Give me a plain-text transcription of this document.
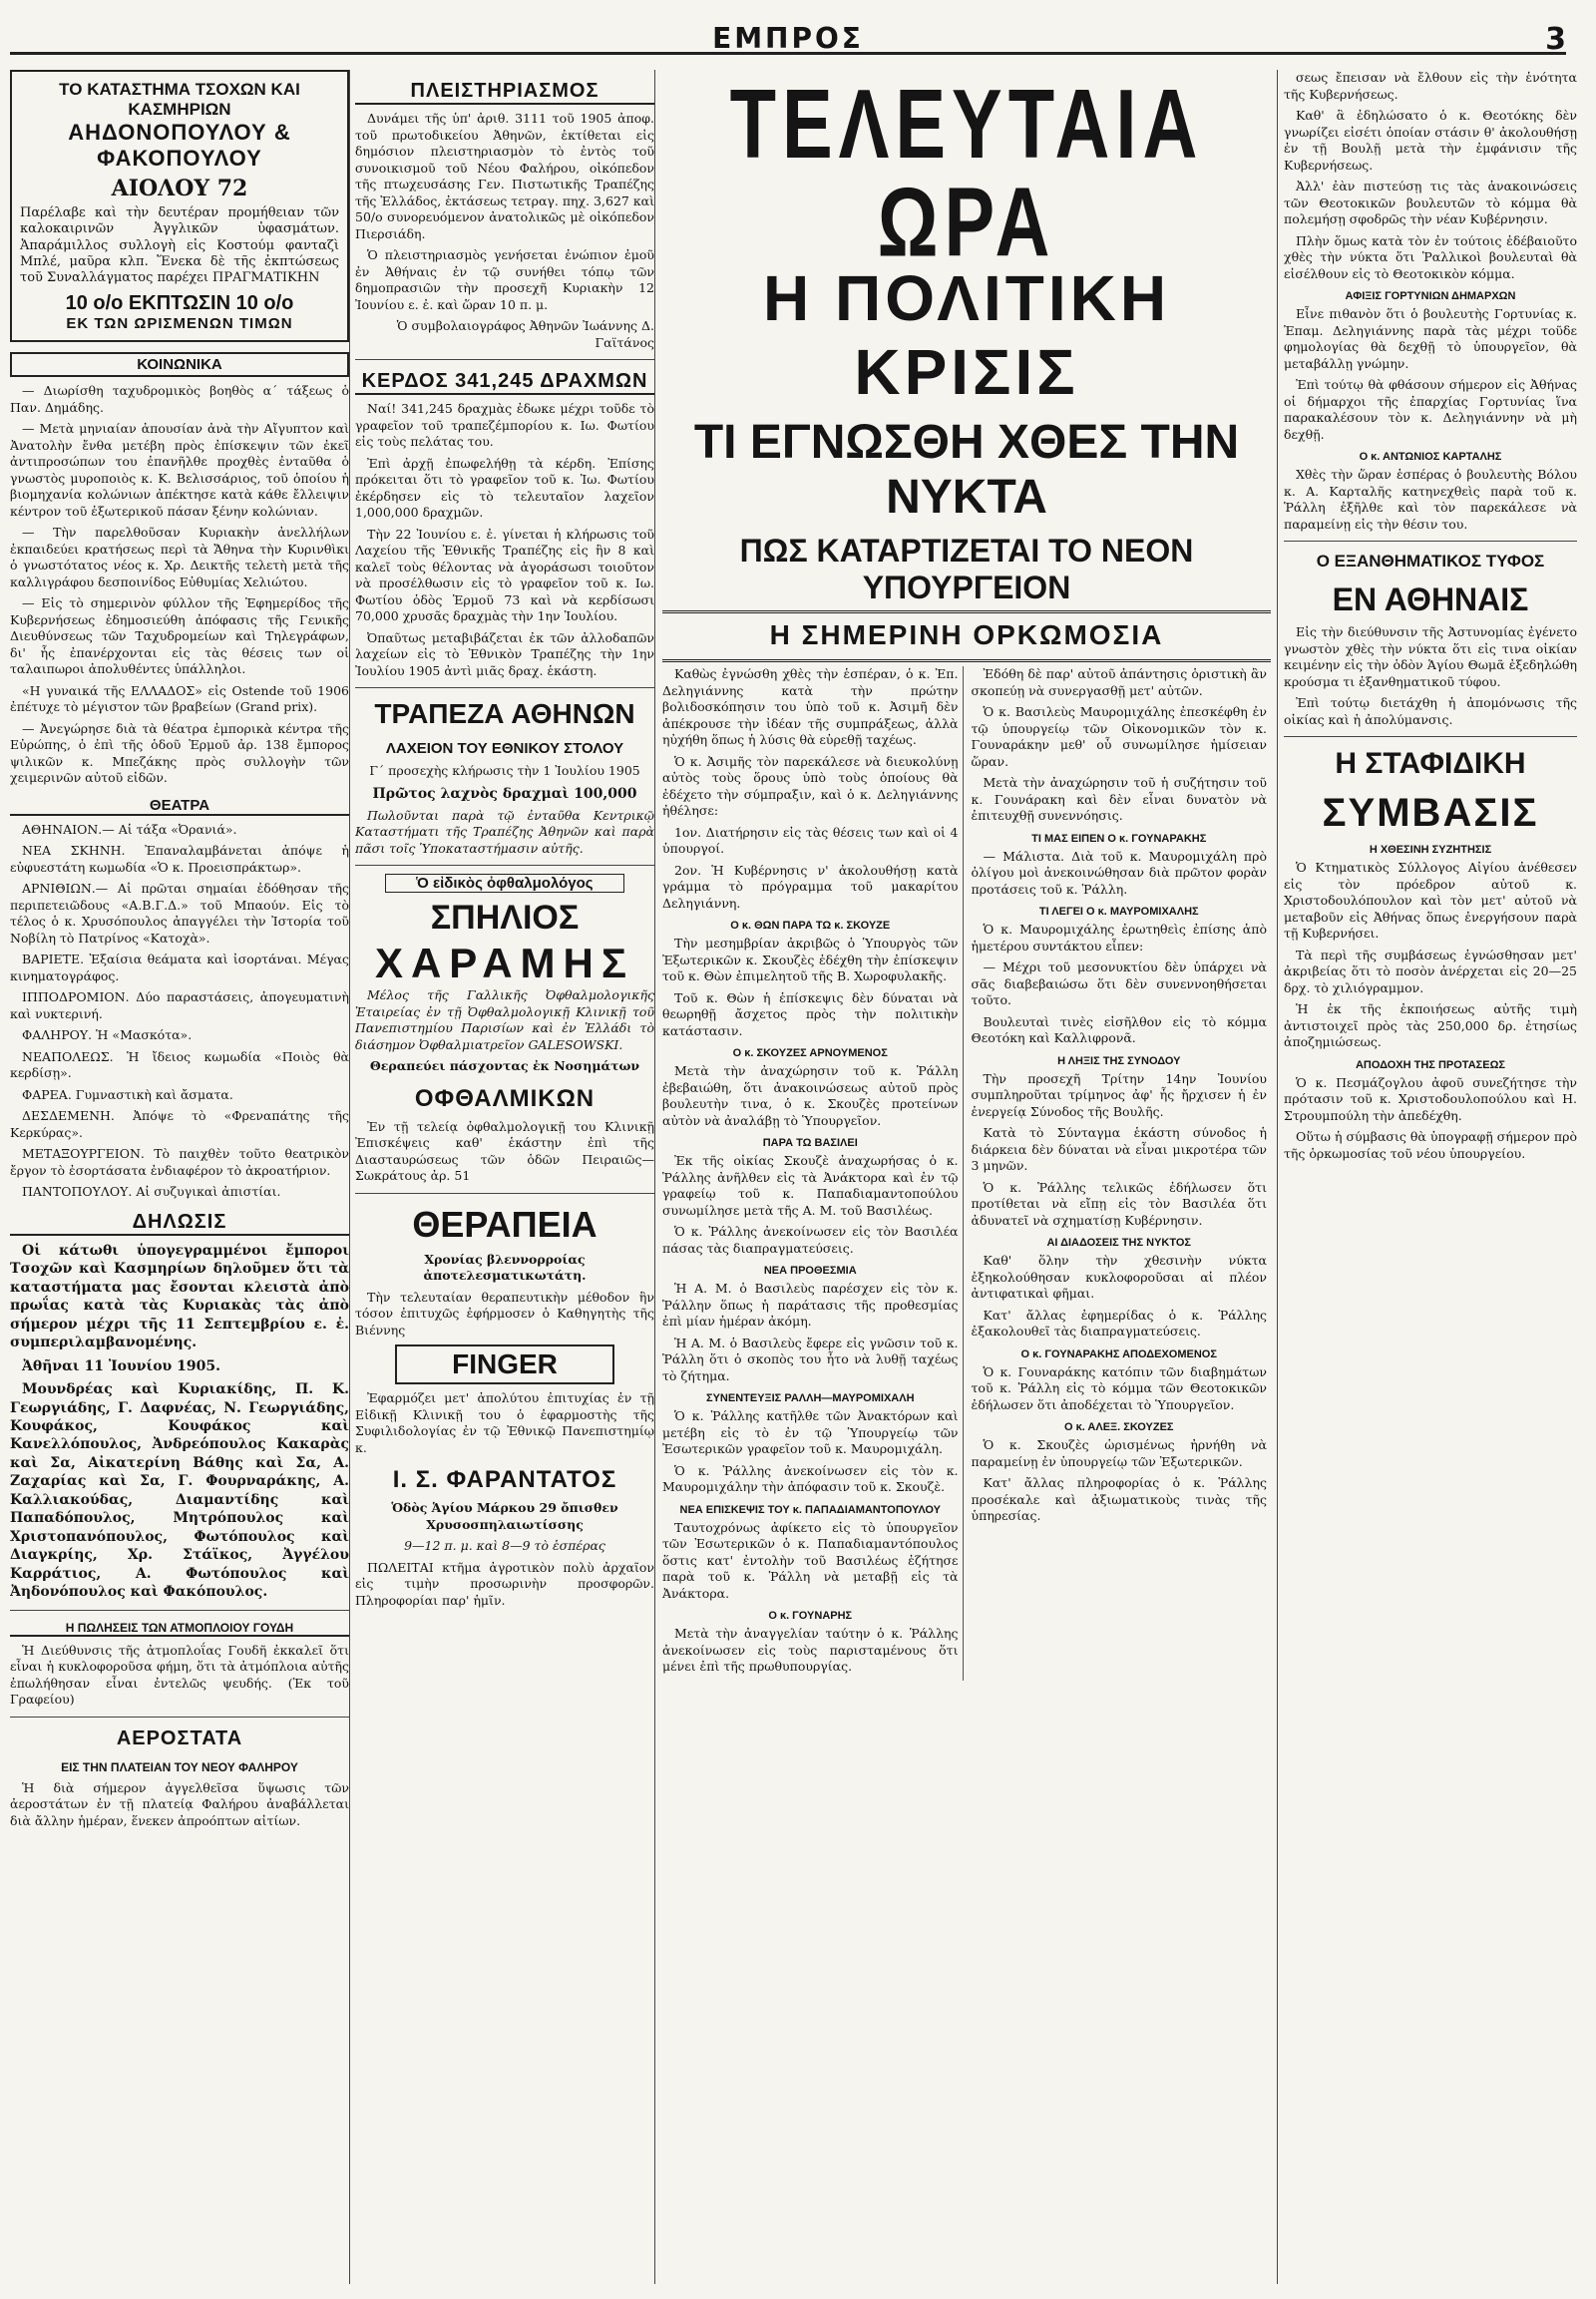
ΕΜΠΡΟΣ	3
ΤΟ ΚΑΤΑΣΤΗΜΑ ΤΣΟΧΩΝ ΚΑΙ ΚΑΣΜΗΡΙΩΝ
ΑΗΔΟΝΟΠΟΥΛΟΥ & ΦΑΚΟΠΟΥΛΟΥ
ΑΙΟΛΟΥ 72
Παρέλαβε καὶ τὴν δευτέραν προμήθειαν τῶν καλοκαιρινῶν Ἀγγλικῶν ὑφασμάτων. Ἀπαράμιλλος συλλογὴ εἰς Κοστούμ φανταζὶ Μπλέ, μαῦρα κλπ. Ἕνεκα δὲ τῆς ἐκπτώσεως τοῦ Συναλλάγματος παρέχει ΠΡΑΓΜΑΤΙΚΗΝ
10 ο/ο ΕΚΠΤΩΣΙΝ 10 ο/ο
ΕΚ ΤΩΝ ΩΡΙΣΜΕΝΩΝ ΤΙΜΩΝ
ΚΟΙΝΩΝΙΚΑ

— Διωρίσθη ταχυδρομικὸς βοηθὸς α΄ τάξεως ὁ Παν. Δημάδης.

— Μετὰ μηνιαίαν ἀπουσίαν ἀνὰ τὴν Αἴγυπτον καὶ Ἀνατολὴν ἔνθα μετέβη πρὸς ἐπίσκεψιν τῶν ἐκεῖ ἀντιπροσώπων του ἐπανῆλθε προχθὲς ἐνταῦθα ὁ γνωστὸς μυροποιὸς κ. Κ. Βελισσάριος, τοῦ ὁποίου ἡ βιομηχανία κολώνιων ἀπέκτησε κατὰ κάθε ἔλλειψιν κέντρον τοῦ ἐξωτερικοῦ πάσαν ξένην κολώνιαν.

— Τὴν παρελθοῦσαν Κυριακὴν ἀνελλήλων ἐκπαιδεύει κρατήσεως περὶ τὰ Ἄθηνα τὴν Κυρινθὶκι ὁ γνωστότατος νέος κ. Χρ. Δεικτῆς τελετὴ μετὰ τῆς καλλιγράφου δεσποινίδος Εὐθυμίας Χελιώτου.

— Εἰς τὸ σημερινὸν φύλλον τῆς Ἐφημερίδος τῆς Κυβερνήσεως ἐδημοσιεύθη ἀπόφασις τῆς Γενικῆς Διευθύνσεως τῶν Ταχυδρομείων καὶ Τηλεγράφων, δι' ἧς ἐπανέρχονται εἰς τὰς θέσεις των οἱ ταλαιπωροι ἀπολυθέντες ὑπάλληλοι.

«Η γυναικά τῆς ΕΛΛΑΔΟΣ» εἰς Ostende τοῦ 1906 ἐπέτυχε τὸ μέγιστον τῶν βραβείων (Grand prix).

— Ἀνεγώρησε διὰ τὰ θέατρα ἐμπορικὰ κέντρα τῆς Εὐρώπης, ὁ ἐπὶ τῆς ὁδοῦ Ἑρμοῦ ἀρ. 138 ἔμπορος ψιλικῶν κ. Μπεζάκης πρὸς συλλογὴν τῶν χειμερινῶν αὐτοῦ εἰδῶν.

ΘΕΑΤΡΑ

ΑΘΗΝΑΙΟΝ.— Αἱ τάξα «Ὀρανιά».

ΝΕΑ ΣΚΗΝΗ. Ἐπαναλαμβάνεται ἀπόψε ἡ εὐφυεστάτη κωμωδία «Ὁ κ. Προεισπράκτωρ».

ΑΡΝΙΘΙΩΝ.— Αἱ πρῶται σημαίαι ἐδόθησαν τῆς περιπετειῶδους «Α.Β.Γ.Δ.» τοῦ Μπαούν. Εἰς τὸ τέλος ὁ κ. Χρυσόπουλος ἀπαγγέλει τὴν Ἰστορία τοῦ Νοβίλη τὸ Πατρίνος «Κατοχὰ».

ΒΑΡΙΕΤΕ. Ἐξαίσια θεάματα καὶ ἰσορτάναι. Μέγας κινηματογράφος.

ΙΠΠΟΔΡΟΜΙΟΝ. Δύο παραστάσεις, ἀπογευματινὴ καὶ νυκτερινή.

ΦΑΛΗΡΟΥ. Ἡ «Μασκότα».

ΝΕΑΠΟΛΕΩΣ. Ἡ ἴδειος κωμωδία «Ποιὸς θὰ κερδίσῃ».

ΦΑΡΕΑ. Γυμναστικὴ καὶ ἄσματα.

ΔΕΣΔΕΜΕΝΗ. Ἀπόψε τὸ «Φρεναπάτης τῆς Κερκύρας».

ΜΕΤΑΞΟΥΡΓΕΙΟΝ. Τὸ παιχθὲν τοῦτο θεατρικὸν ἔργον τὸ ἐσορτάσατα ἐνδιαφέρον τὸ ἀκροατήριον.

ΠΑΝΤΟΠΟΥΛΟΥ. Αἱ συζυγικαὶ ἀπιστίαι.

ΔΗΛΩΣΙΣ

Οἱ κάτωθι ὑπογεγραμμένοι ἔμποροι Τσοχῶν καὶ Κασμηρίων δηλοῦμεν ὅτι τὰ καταστήματα μας ἔσονται κλειστὰ ἀπὸ πρωΐας κατὰ τὰς Κυριακὰς τὰς ἀπὸ σήμερον μέχρι τῆς 11 Σεπτεμβρίου ε. ἐ. συμπεριλαμβανομένης.

Ἀθῆναι 11 Ἰουνίου 1905.

Μουνδρέας καὶ Κυριακίδης, Π. Κ. Γεωργιάδης, Γ. Δαφνέας, Ν. Γεωργιάδης, Κουφάκος, Κουφάκος καὶ Κανελλόπουλος, Ἀνδρεόπουλος Κακαρὰς καὶ Σα, Αἰκατερίνη Βάθης καὶ Σα, Α. Ζαχαρίας καὶ Σα, Γ. Φουρναράκης, Α. Καλλιακούδας, Διαμαντίδης καὶ Παπαδόπουλος, Μητρόπουλος καὶ Χριστοπανόπουλος, Φωτόπουλος καὶ Διαγκρίης, Χρ. Στάϊκος, Ἀγγέλου Καρράτιος, Α. Φωτόπουλος καὶ Ἀηδονόπουλος καὶ Φακόπουλος.

Η ΠΩΛΗΣΕΙΣ ΤΩΝ ΑΤΜΟΠΛΟΙΟΥ ΓΟΥΔΗ

Ἡ Διεύθυνσις τῆς ἀτμοπλοΐας Γουδῆ ἐκκαλεῖ ὅτι εἶναι ἡ κυκλοφοροῦσα φήμη, ὅτι τὰ ἀτμόπλοια αὐτῆς ἐπωλήθησαν εἶναι ἐντελῶς ψευδής. (Ἐκ τοῦ Γραφείου)

ΑΕΡΟΣΤΑΤΑ
ΕΙΣ ΤΗΝ ΠΛΑΤΕΙΑΝ ΤΟΥ ΝΕΟΥ ΦΑΛΗΡΟΥ

Ἡ διὰ σήμερον ἀγγελθεῖσα ὕψωσις τῶν ἀεροστάτων ἐν τῇ πλατείᾳ Φαλήρου ἀναβάλλεται διὰ ἄλλην ἡμέραν, ἕνεκεν ἀπροόπτων αἰτίων.

ΠΛΕΙΣΤΗΡΙΑΣΜΟΣ

Δυνάμει τῆς ὑπ' ἀριθ. 3111 τοῦ 1905 ἀποφ. τοῦ πρωτοδικείου Ἀθηνῶν, ἐκτίθεται εἰς δημόσιον πλειστηριασμὸν τὸ ἐντὸς τοῦ συνοικισμοῦ τοῦ Νέου Φαλήρου, οἰκόπεδον τῆς πτωχευσάσης Γεν. Πιστωτικῆς Τραπέζης τῆς Ἑλλάδος, ἐκτάσεως τετραγ. πηχ. 3,627 καὶ 50/ο συνορευόμενον ἀνατολικῶς μὲ οἰκόπεδον Πιερσιάδη.

Ὁ πλειστηριασμὸς γενήσεται ἐνώπιον ἐμοῦ ἐν Ἀθήναις ἐν τῷ συνήθει τόπῳ τῶν δημοπρασιῶν τὴν προσεχῆ Κυριακὴν 12 Ἰουνίου ε. ἐ. καὶ ὥραν 10 π. μ.

Ὁ συμβολαιογράφος Ἀθηνῶν Ἰωάννης Δ. Γαϊτάνος

ΚΕΡΔΟΣ 341,245 ΔΡΑΧΜΩΝ

Ναί! 341,245 δραχμὰς ἐδωκε μέχρι τοῦδε τὸ γραφεῖον τοῦ τραπεζέμπορίου κ. Ιω. Φωτίου εἰς τοὺς πελάτας του.

Ἐπὶ ἀρχῇ ἐπωφελήθῃ τὰ κέρδη. Ἐπίσης πρόκειται ὅτι τὸ γραφεῖον τοῦ κ. Ἰω. Φωτίου ἐκέρδησεν εἰς τὸ τελευταῖον λαχεῖον 1,000,000 δραχμῶν.

Τὴν 22 Ἰουνίου ε. ἐ. γίνεται ἡ κλήρωσις τοῦ Λαχείου τῆς Ἐθνικῆς Τραπέζης εἰς ἣν 8 καὶ καλεῖ τοὺς θέλοντας νὰ ἀγοράσωσι τοιοῦτον νὰ προσέλθωσιν εἰς τὸ γραφεῖον τοῦ κ. Ιω. Φωτίου ὁδὸς Ἑρμοῦ 73 καὶ νὰ κερδίσωσι 70,000 χρυσᾶς δραχμὰς τὴν 1ην Ἰουλίου.

Ὀπαῦτως μεταβιβάζεται ἐκ τῶν ἀλλοδαπῶν λαχείων εἰς τὸ Ἐθνικὸν Τραπέζης τὴν 1ην Ἰουλίου 1905 ἀντὶ μιᾶς δραχ. ἑκάστη.

ΤΡΑΠΕΖΑ ΑΘΗΝΩΝ
ΛΑΧΕΙΟΝ ΤΟΥ ΕΘΝΙΚΟΥ ΣΤΟΛΟΥ

Γ΄ προσεχὴς κλήρωσις τὴν 1 Ἰουλίου 1905

Πρῶτος λαχνὸς δραχμαὶ 100,000

Πωλοῦνται παρὰ τῷ ἐνταῦθα Κεντρικῷ Καταστήματι τῆς Τραπέζης Ἀθηνῶν καὶ παρὰ πᾶσι τοῖς Ὑποκαταστήμασιν αὐτῆς.

Ὁ εἰδικὸς ὀφθαλμολόγος
ΣΠΗΛΙΟΣ
ΧΑΡΑΜΗΣ

Μέλος τῆς Γαλλικῆς Ὀφθαλμολογικῆς Ἑταιρείας ἐν τῇ Ὀφθαλμολογικῇ Κλινικῇ τοῦ Πανεπιστημίου Παρισίων καὶ ἐν Ἑλλάδι τὸ διάσημον Ὀφθαλμιατρεῖον GALESOWSKI.

Θεραπεύει πάσχοντας ἐκ Νοσημάτων

ΟΦΘΑΛΜΙΚΩΝ

Ἐν τῇ τελείᾳ ὀφθαλμολογικῇ του Κλινικῇ Ἐπισκέψεις καθ' ἑκάστην ἐπὶ τῆς Διασταυρώσεως τῶν ὁδῶν Πειραιῶς—Σωκράτους ἀρ. 51

ΘΕΡΑΠΕΙΑ

Χρονίας βλεννορροίας ἀποτελεσματικωτάτη.

Τὴν τελευταίαν θεραπευτικὴν μέθοδον ἣν τόσον ἐπιτυχῶς ἐφήρμοσεν ὁ Καθηγητὴς τῆς Βιέννης

FINGER

Ἐφαρμόζει μετ' ἀπολύτου ἐπιτυχίας ἐν τῇ Εἰδικῇ Κλινικῇ του ὁ ἐφαρμοστὴς τῆς Συφιλιδολογίας ἐν τῷ Ἐθνικῷ Πανεπιστημίῳ κ.

Ι. Σ. ΦΑΡΑΝΤΑΤΟΣ

Ὁδὸς Ἁγίου Μάρκου 29 ὄπισθεν Χρυσοσπηλαιωτίσσης

9—12 π. μ. καὶ 8—9 τὸ ἑσπέρας

ΠΩΛΕΙΤΑΙ κτῆμα ἀγροτικὸν πολὺ ἀρχαῖον εἰς τιμὴν προσωρινὴν προσφορῶν. Πληροφορίαι παρ' ἡμῖν.

ΤΕΛΕΥΤΑΙΑ ΩΡΑ
Η ΠΟΛΙΤΙΚΗ ΚΡΙΣΙΣ
ΤΙ ΕΓΝΩΣΘΗ ΧΘΕΣ ΤΗΝ ΝΥΚΤΑ
ΠΩΣ ΚΑΤΑΡΤΙΖΕΤΑΙ ΤΟ ΝΕΟΝ ΥΠΟΥΡΓΕΙΟΝ
Η ΣΗΜΕΡΙΝΗ ΟΡΚΩΜΟΣΙΑ

Καθὼς ἐγνώσθη χθὲς τὴν ἑσπέραν, ὁ κ. Ἐπ. Δεληγιάννης κατὰ τὴν πρώτην βολιδοσκόπησιν του ὑπὸ τοῦ κ. Ἀσιμῆ δὲν ἀπέκρουσε τὴν ἰδέαν τῆς συμπράξεως, ἀλλὰ ηὐχήθη ὅπως ἡ λύσις θὰ εὑρεθῇ ταχέως.

Ὁ κ. Ἀσιμῆς τὸν παρεκάλεσε νὰ διευκολύνῃ αὐτὸς τοὺς ὅρους ὑπὸ τοὺς ὁποίους θὰ ἐδέχετο τὴν σύμπραξιν, καὶ ὁ κ. Δεληγιάννης ἠθέλησε:

1ον. Διατήρησιν εἰς τὰς θέσεις των καὶ οἱ 4 ὑπουργοί.

2ον. Ἡ Κυβέρνησις ν' ἀκολουθήσῃ κατὰ γράμμα τὸ πρόγραμμα τοῦ μακαρίτου Δεληγιάννη.

Ο κ. ΘΩΝ ΠΑΡΑ ΤΩ κ. ΣΚΟΥΖΕ

Τὴν μεσημβρίαν ἀκριβῶς ὁ Ὑπουργὸς τῶν Ἐξωτερικῶν κ. Σκουζὲς ἐδέχθη τὴν ἐπίσκεψιν τοῦ κ. Θὼν ἐπιμελητοῦ τῆς Β. Χωροφυλακῆς.

Τοῦ κ. Θὼν ἡ ἐπίσκεψις δὲν δύναται νὰ θεωρηθῇ ἄσχετος πρὸς τὴν πολιτικὴν κατάστασιν.

Ο κ. ΣΚΟΥΖΕΣ ΑΡΝΟΥΜΕΝΟΣ

Μετὰ τὴν ἀναχώρησιν τοῦ κ. Ῥάλλη ἐβεβαιώθη, ὅτι ἀνακοινώσεως αὐτοῦ πρὸς βουλευτὴν τινα, ὁ κ. Σκουζὲς προτείνων αὐτὸν νὰ ἀναλάβῃ τὸ Ὑπουργεῖον.

ΠΑΡΑ ΤΩ ΒΑΣΙΛΕΙ

Ἐκ τῆς οἰκίας Σκουζὲ ἀναχωρήσας ὁ κ. Ῥάλλης ἀνῆλθεν εἰς τὰ Ἀνάκτορα καὶ ἐν τῷ γραφείῳ τοῦ κ. Παπαδιαμαντοπούλου συνωμίλησε μετὰ τῆς Α. Μ. τοῦ Βασιλέως.

Ὁ κ. Ῥάλλης ἀνεκοίνωσεν εἰς τὸν Βασιλέα πάσας τὰς διαπραγματεύσεις.

ΝΕΑ ΠΡΟΘΕΣΜΙΑ

Ἡ Α. Μ. ὁ Βασιλεὺς παρέσχεν εἰς τὸν κ. Ῥάλλην ὅπως ἡ παράτασις τῆς προθεσμίας ἐπὶ μίαν ἡμέραν ἀκόμη.

Ἡ Α. Μ. ὁ Βασιλεὺς ἔφερε εἰς γνῶσιν τοῦ κ. Ῥάλλη ὅτι ὁ σκοπὸς του ἦτο νὰ λυθῇ ταχέως τὸ ζήτημα.

ΣΥΝΕΝΤΕΥΞΙΣ ΡΑΛΛΗ—ΜΑΥΡΟΜΙΧΑΛΗ

Ὁ κ. Ῥάλλης κατῆλθε τῶν Ἀνακτόρων καὶ μετέβη εἰς τὸ ἐν τῷ Ὑπουργείῳ τῶν Ἐσωτερικῶν γραφεῖον τοῦ κ. Μαυρομιχάλη.

Ὁ κ. Ῥάλλης ἀνεκοίνωσεν εἰς τὸν κ. Μαυρομιχάλην τὴν ἀπόφασιν τοῦ κ. Σκουζὲ.

ΝΕΑ ΕΠΙΣΚΕΨΙΣ ΤΟΥ κ. ΠΑΠΑΔΙΑΜΑΝΤΟΠΟΥΛΟΥ

Ταυτοχρόνως ἀφίκετο εἰς τὸ ὑπουργεῖον τῶν Ἐσωτερικῶν ὁ κ. Παπαδιαμαντόπουλος ὅστις κατ' ἐντολὴν τοῦ Βασιλέως ἐζήτησε παρὰ τοῦ κ. Ῥάλλη νὰ μεταβῇ εἰς τὰ Ἀνάκτορα.

Ο κ. ΓΟΥΝΑΡΗΣ

Μετὰ τὴν ἀναγγελίαν ταύτην ὁ κ. Ῥάλλης ἀνεκοίνωσεν εἰς τοὺς παρισταμένους ὅτι μένει ἐπὶ τῆς πρωθυπουργίας.

Ἐδόθη δὲ παρ' αὐτοῦ ἀπάντησις ὁριστικὴ ἂν σκοπεύῃ νὰ συνεργασθῇ μετ' αὐτῶν.

Ὁ κ. Βασιλεὺς Μαυρομιχάλης ἐπεσκέφθη ἐν τῷ ὑπουργείῳ τῶν Οἰκονομικῶν τὸν κ. Γουναράκην μεθ' οὗ συνωμίλησε ἡμίσειαν ὥραν.

Μετὰ τὴν ἀναχώρησιν τοῦ ἡ συζήτησιν τοῦ κ. Γουνάρακη καὶ δὲν εἶναι δυνατὸν νὰ ἐπιτευχθῇ συνεννόησις.

ΤΙ ΜΑΣ ΕΙΠΕΝ Ο κ. ΓΟΥΝΑΡΑΚΗΣ

— Μάλιστα. Διὰ τοῦ κ. Μαυρομιχάλη πρὸ ὀλίγου μοὶ ἀνεκοινώθησαν διὰ πρῶτον φορὰν προτάσεις τοῦ κ. Ῥάλλη.

ΤΙ ΛΕΓΕΙ Ο κ. ΜΑΥΡΟΜΙΧΑΛΗΣ

Ὁ κ. Μαυρομιχάλης ἐρωτηθεὶς ἐπίσης ἀπὸ ἡμετέρου συντάκτου εἶπεν:

— Μέχρι τοῦ μεσονυκτίου δὲν ὑπάρχει νὰ σᾶς διαβεβαιώσω ὅτι δὲν συνεννοηθήσεται τοῦτο.

Βουλευταὶ τινὲς εἰσῆλθον εἰς τὸ κόμμα Θεοτόκη καὶ Καλλιφρονᾶ.

Η ΛΗΞΙΣ ΤΗΣ ΣΥΝΟΔΟΥ

Τὴν προσεχῆ Τρίτην 14ην Ἰουνίου συμπληροῦται τρίμηνος ἀφ' ἧς ἤρχισεν ἡ ἐν ἐνεργείᾳ Σύνοδος τῆς Βουλῆς.

Κατὰ τὸ Σύνταγμα ἑκάστη σύνοδος ἡ διάρκεια δὲν δύναται νὰ εἶναι μικροτέρα τῶν 3 μηνῶν.

Ὁ κ. Ῥάλλης τελικῶς ἐδήλωσεν ὅτι προτίθεται νὰ εἴπῃ εἰς τὸν Βασιλέα ὅτι ἀδυνατεῖ νὰ σχηματίσῃ Κυβέρνησιν.

ΑΙ ΔΙΑΔΟΣΕΙΣ ΤΗΣ ΝΥΚΤΟΣ

Καθ' ὅλην τὴν χθεσινὴν νύκτα ἐξηκολούθησαν κυκλοφοροῦσαι αἱ πλέον ἀντιφατικαὶ φῆμαι.

Κατ' ἄλλας ἐφημερίδας ὁ κ. Ῥάλλης ἐξακολουθεῖ τὰς διαπραγματεύσεις.

Ο κ. ΓΟΥΝΑΡΑΚΗΣ ΑΠΟΔΕΧΟΜΕΝΟΣ

Ὁ κ. Γουναράκης κατόπιν τῶν διαβημάτων τοῦ κ. Ῥάλλη εἰς τὸ κόμμα τῶν Θεοτοκικῶν ἐδήλωσεν ὅτι ἀποδέχεται τὸ Ὑπουργεῖον.

Ο κ. ΑΛΕΞ. ΣΚΟΥΖΕΣ

Ὁ κ. Σκουζὲς ὡρισμένως ἠρνήθη νὰ παραμείνῃ ἐν ὑπουργείῳ τῶν Ἐξωτερικῶν.

Κατ' ἄλλας πληροφορίας ὁ κ. Ῥάλλης προσέκαλε καὶ ἀξιωματικοὺς τινὰς τῆς ὑπηρεσίας.

σεως ἔπεισαν νὰ ἔλθουν εἰς τὴν ἑνότητα τῆς Κυβερνήσεως.

Καθ' ἃ ἐδηλώσατο ὁ κ. Θεοτόκης δὲν γνωρίζει εἰσέτι ὁποίαν στάσιν θ' ἀκολουθήσῃ ἐν τῇ Βουλῇ μετὰ τὴν ἐμφάνισιν τῆς Κυβερνήσεως.

Ἀλλ' ἐὰν πιστεύσῃ τις τὰς ἀνακοινώσεις τῶν Θεοτοκικῶν βουλευτῶν τὸ κόμμα θὰ πολεμήσῃ σφοδρῶς τὴν νέαν Κυβέρνησιν.

Πλὴν ὅμως κατὰ τὸν ἐν τούτοις ἐδέβαιοῦτο χθὲς τὴν νύκτα ὅτι Ῥαλλικοὶ βουλευταὶ θὰ εἰσέλθουν εἰς τὸ Θεοτοκικὸν κόμμα.

ΑΦΙΞΙΣ ΓΟΡΤΥΝΙΩΝ ΔΗΜΑΡΧΩΝ

Εἶνε πιθανὸν ὅτι ὁ βουλευτὴς Γορτυνίας κ. Ἐπαμ. Δεληγιάννης παρὰ τὰς μέχρι τοῦδε φημολογίας θὰ δεχθῇ τὸ ὑπουργεῖον, θὰ μεταβάλλῃ γνώμην.

Ἐπὶ τούτῳ θὰ φθάσουν σήμερον εἰς Ἀθήνας οἱ δήμαρχοι τῆς ἐπαρχίας Γορτυνίας ἵνα παρακαλέσουν τὸν κ. Δεληγιάννην νὰ μὴ δεχθῇ.

Ο κ. ΑΝΤΩΝΙΟΣ ΚΑΡΤΑΛΗΣ

Χθὲς τὴν ὥραν ἑσπέρας ὁ βουλευτὴς Βόλου κ. Α. Καρταλῆς κατηνεχθεὶς παρὰ τοῦ κ. Ῥάλλη ἐξῆλθε καὶ τὸν παρεκάλεσε νὰ παραμείνῃ εἰς τὴν θέσιν του.

Ο ΕΞΑΝΘΗΜΑΤΙΚΟΣ ΤΥΦΟΣ
ΕΝ ΑΘΗΝΑΙΣ

Εἰς τὴν διεύθυνσιν τῆς Ἀστυνομίας ἐγένετο γνωστὸν χθὲς τὴν νύκτα ὅτι εἰς τινα οἰκίαν κειμένην εἰς τὴν ὁδὸν Ἁγίου Θωμᾶ ἐξεδηλώθη κρούσμα τι ἐξανθηματικοῦ τύφου.

Ἐπὶ τούτῳ διετάχθη ἡ ἀπομόνωσις τῆς οἰκίας καὶ ἡ ἀπολύμανσις.

Η ΣΤΑΦΙΔΙΚΗ
ΣΥΜΒΑΣΙΣ
Η ΧΘΕΣΙΝΗ ΣΥΖΗΤΗΣΙΣ

Ὁ Κτηματικὸς Σύλλογος Αἰγίου ἀνέθεσεν εἰς τὸν πρόεδρον αὐτοῦ κ. Χριστοδουλόπουλον καὶ τὸν μετ' αὐτοῦ νὰ μεταβοῦν εἰς Ἀθήνας ὅπως ἐνεργήσουν παρὰ τῇ Κυβερνήσει.

Τὰ περὶ τῆς συμβάσεως ἐγνώσθησαν μετ' ἀκριβείας ὅτι τὸ ποσὸν ἀνέρχεται εἰς 20—25 δρχ. τὸ χιλιόγραμμον.

Ἡ ἐκ τῆς ἐκποιήσεως αὐτῆς τιμὴ ἀντιστοιχεῖ πρὸς τὰς 250,000 δρ. ἐτησίως ἀποζημιώσεως.

ΑΠΟΔΟΧΗ ΤΗΣ ΠΡΟΤΑΣΕΩΣ

Ὁ κ. Πεσμάζογλου ἀφοῦ συνεζήτησε τὴν πρότασιν τοῦ κ. Χριστοδουλοπούλου καὶ Η. Στρουμπούλη τὴν ἀπεδέχθη.

Οὕτω ἡ σύμβασις θὰ ὑπογραφῇ σήμερον πρὸ τῆς ὁρκωμοσίας τοῦ νέου ὑπουργείου.
